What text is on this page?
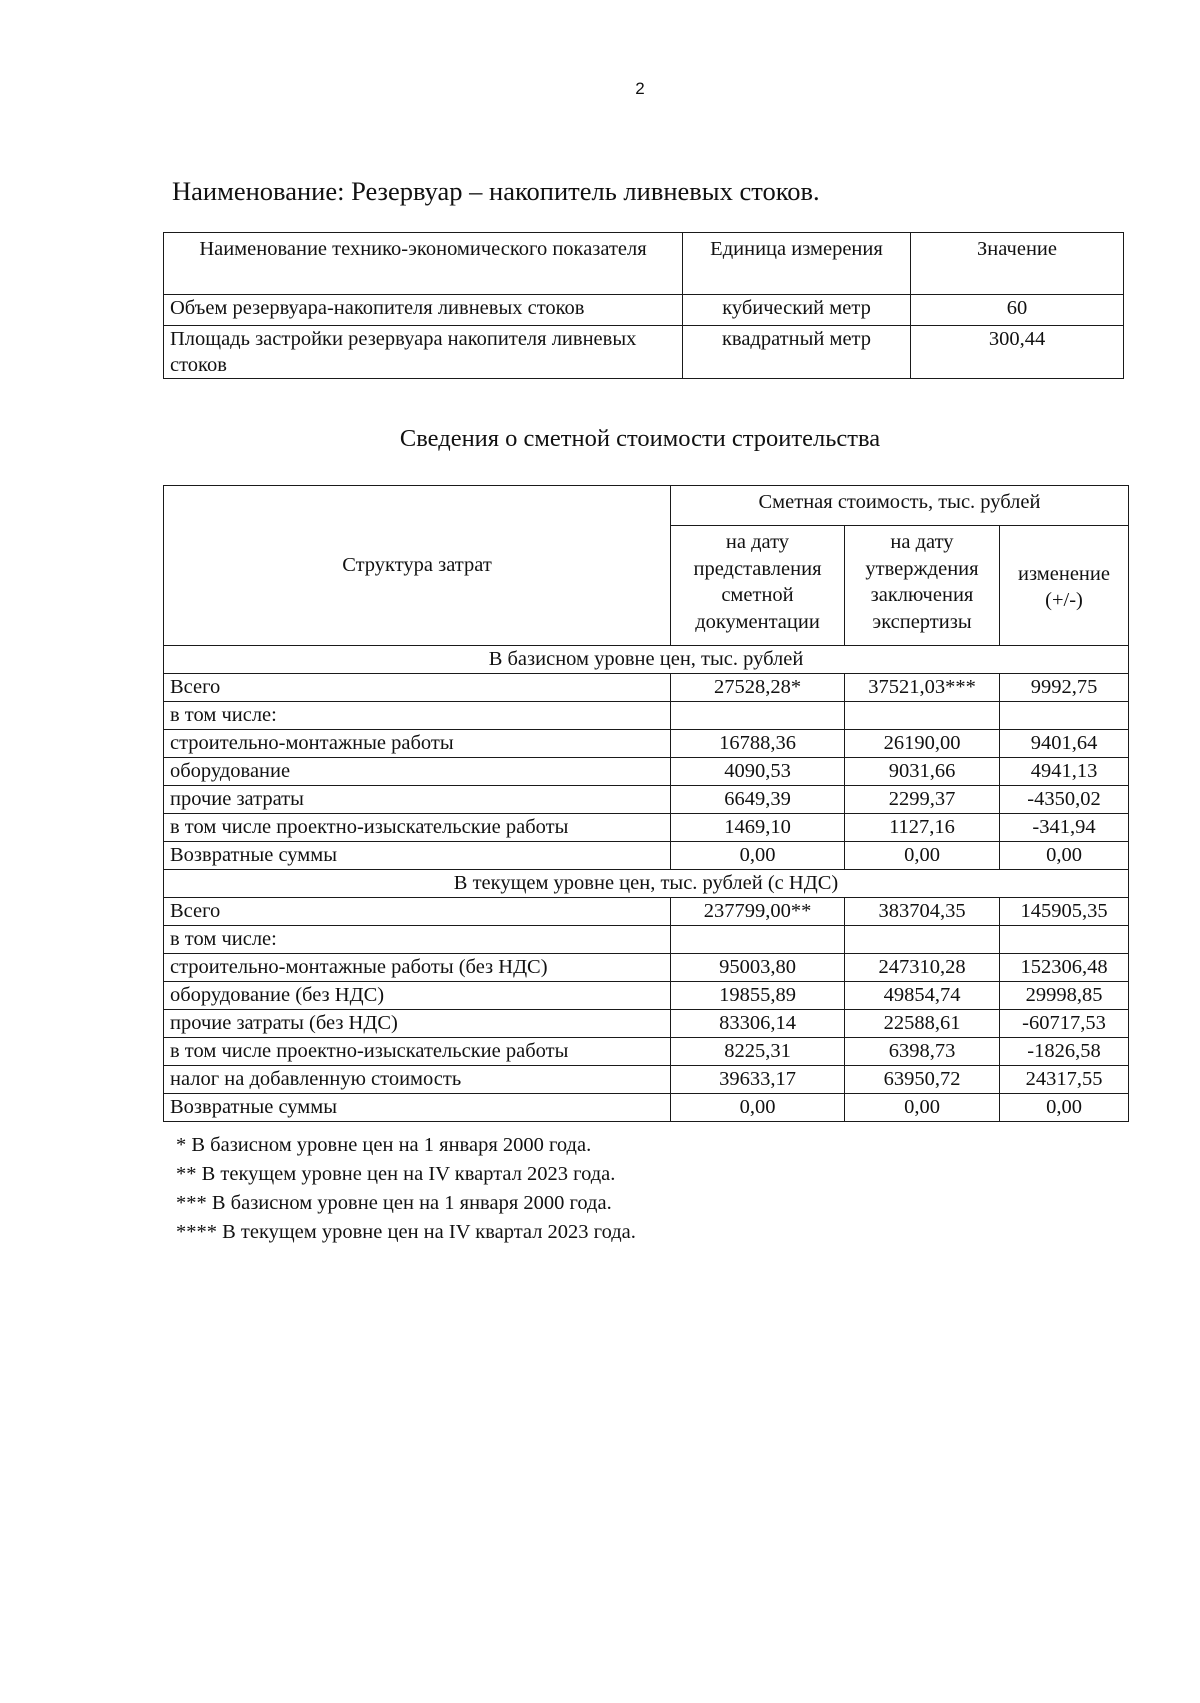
2
Наименование: Резервуар – накопитель ливневых стоков.
Наименование технико-экономического показателя	Единица измерения	Значение
Объем резервуара-накопителя ливневых стоков	кубический метр	60
Площадь застройки резервуара накопителя ливневых стоков	квадратный метр	300,44
Сведения о сметной стоимости строительства
Структура затрат	Сметная стоимость, тыс. рублей		
	на дату представления сметной документации	на дату утверждения заключения экспертизы	изменение (+/-)
В базисном уровне цен, тыс. рублей			
Всего	27528,28*	37521,03***	9992,75
в том числе:			
строительно-монтажные работы	16788,36	26190,00	9401,64
оборудование	4090,53	9031,66	4941,13
прочие затраты	6649,39	2299,37	-4350,02
в том числе проектно-изыскательские работы	1469,10	1127,16	-341,94
Возвратные суммы	0,00	0,00	0,00
В текущем уровне цен, тыс. рублей (с НДС)			
Всего	237799,00**	383704,35	145905,35
в том числе:			
строительно-монтажные работы (без НДС)	95003,80	247310,28	152306,48
оборудование (без НДС)	19855,89	49854,74	29998,85
прочие затраты (без НДС)	83306,14	22588,61	-60717,53
в том числе проектно-изыскательские работы	8225,31	6398,73	-1826,58
налог на добавленную стоимость	39633,17	63950,72	24317,55
Возвратные суммы	0,00	0,00	0,00
* В базисном уровне цен на 1 января 2000 года.
** В текущем уровне цен на IV квартал 2023 года.
*** В базисном уровне цен на 1 января 2000 года.
**** В текущем уровне цен на IV квартал 2023 года.
